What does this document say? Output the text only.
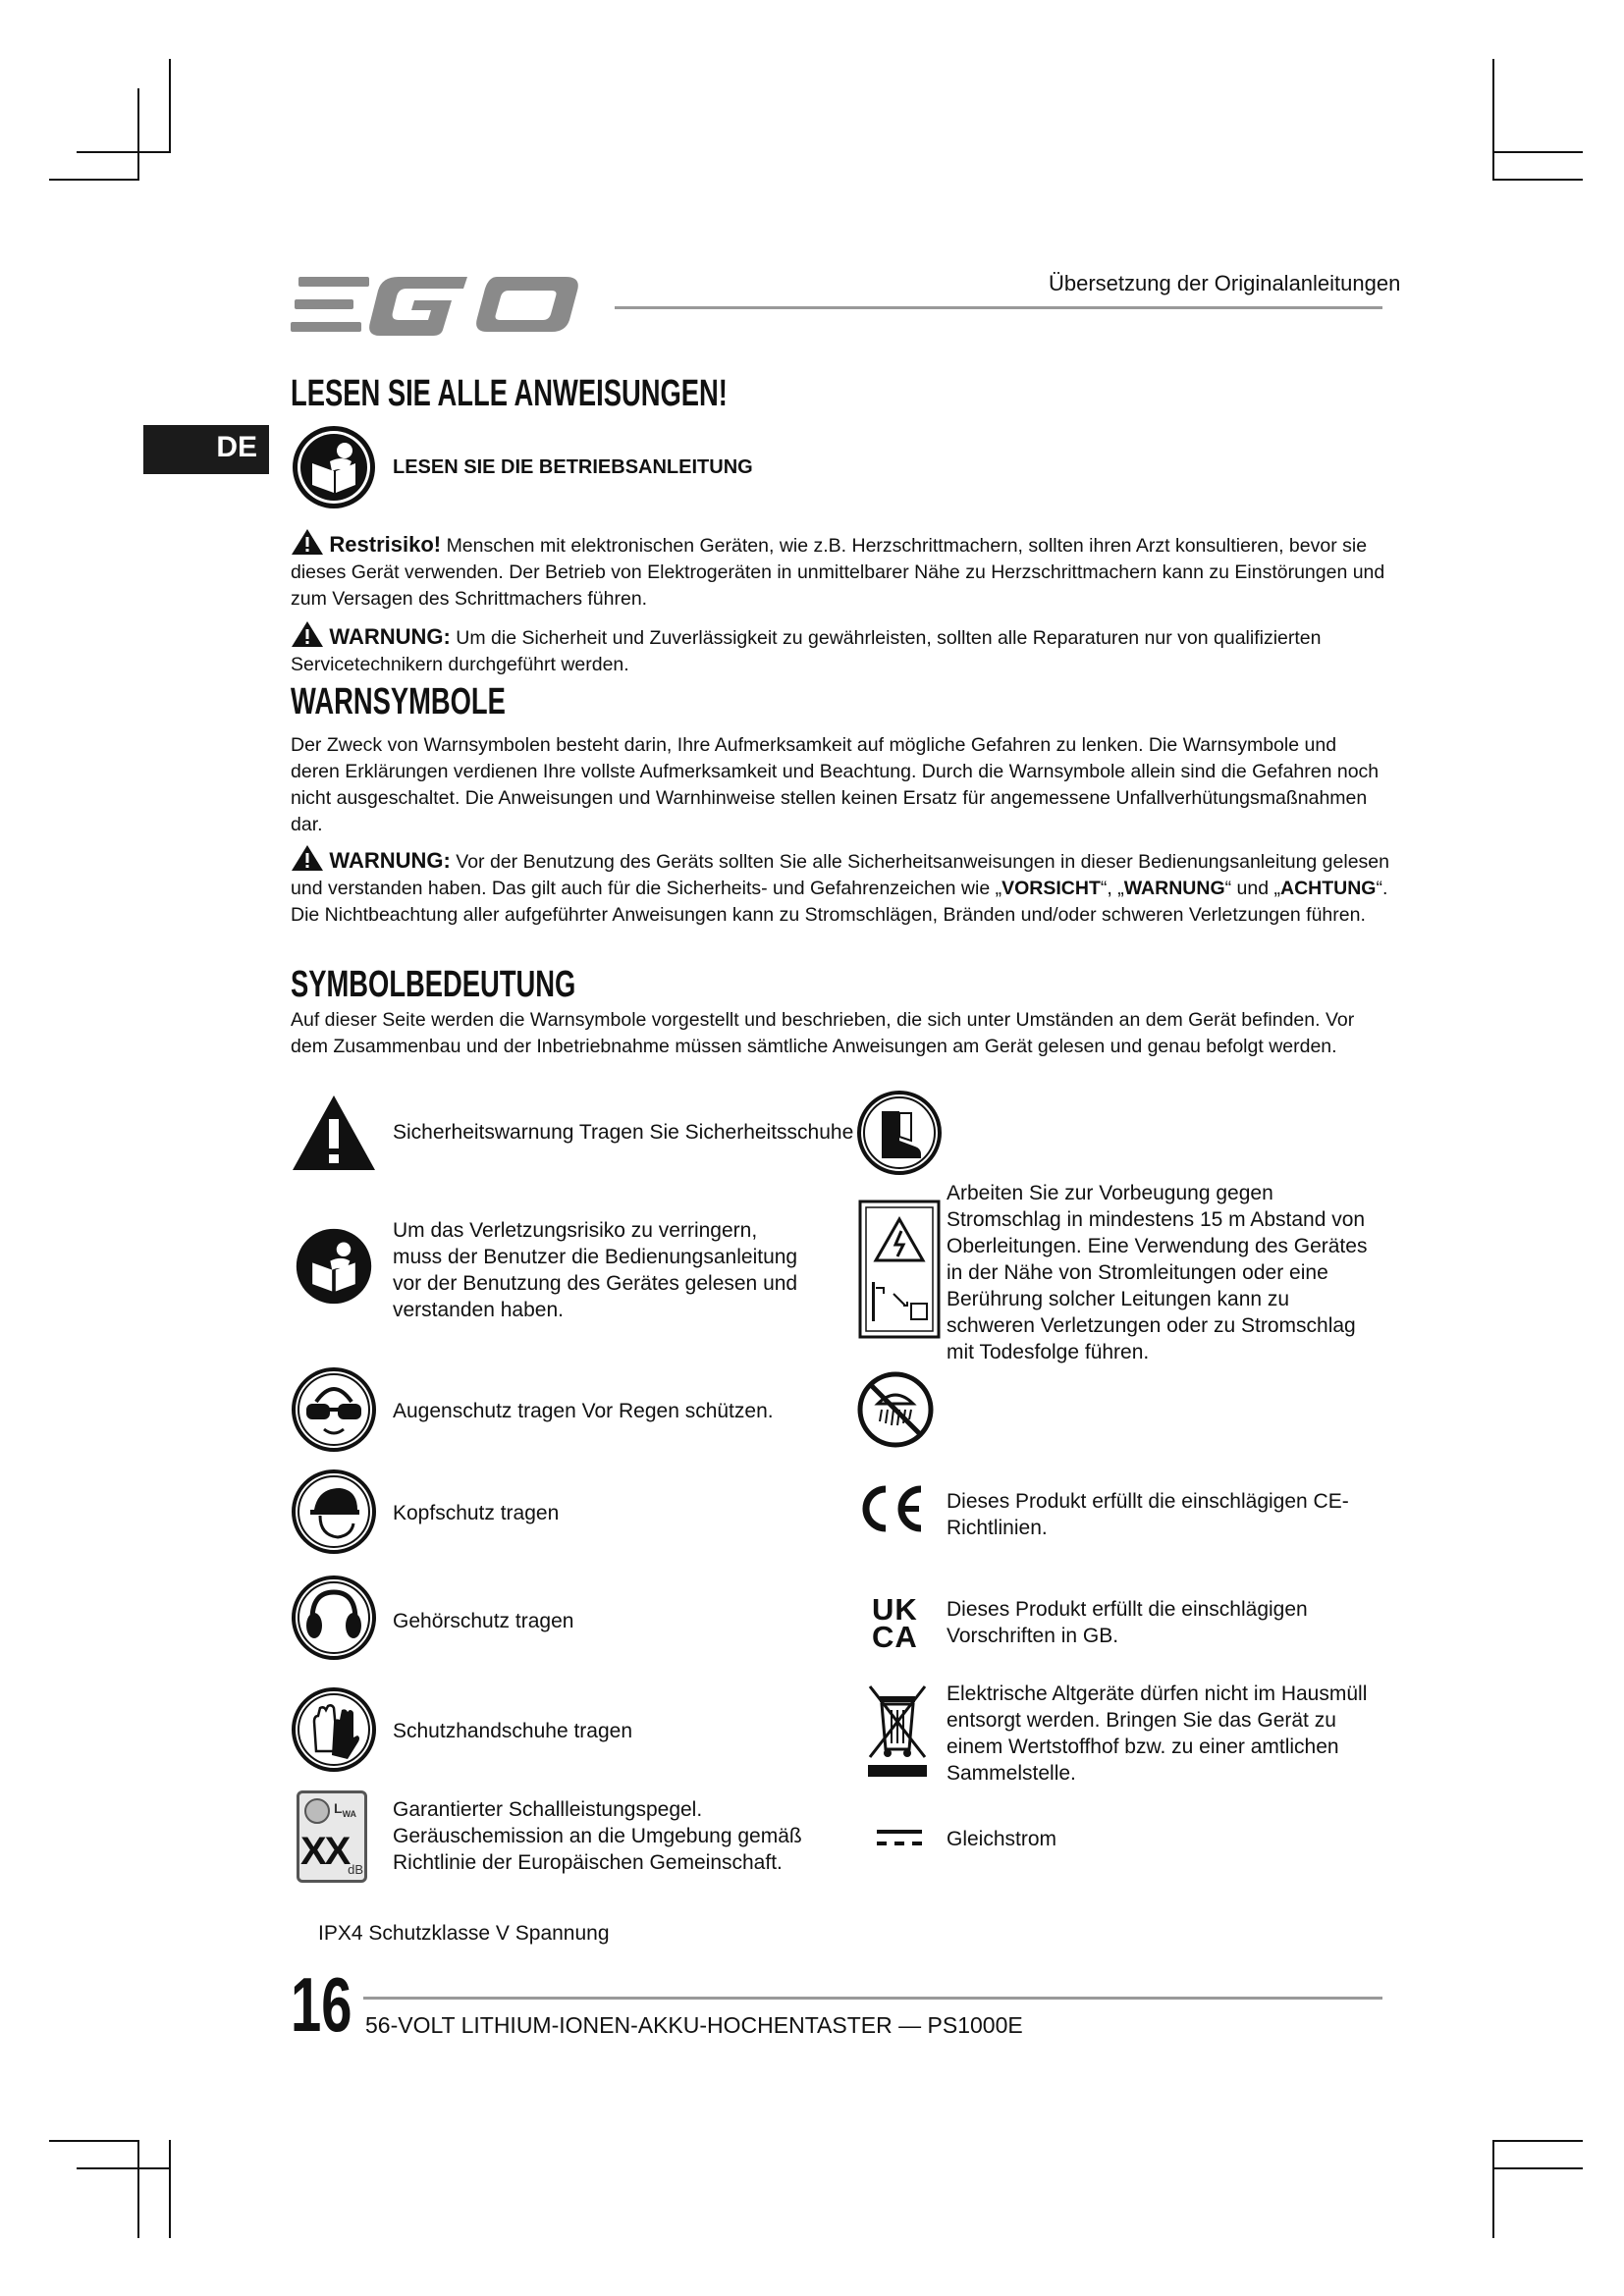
Übersetzung der Originalanleitungen
DE
LESEN SIE ALLE ANWEISUNGEN!
LESEN SIE DIE BETRIEBSANLEITUNG
Restrisiko! Menschen mit elektronischen Geräten, wie z.B. Herzschrittmachern, sollten ihren Arzt konsultieren, bevor sie dieses Gerät verwenden. Der Betrieb von Elektrogeräten in unmittelbarer Nähe zu Herzschrittmachern kann zu Einstörungen und zum Versagen des Schrittmachers führen.
WARNUNG: Um die Sicherheit und Zuverlässigkeit zu gewährleisten, sollten alle Reparaturen nur von qualifizierten Servicetechnikern durchgeführt werden.
WARNSYMBOLE
Der Zweck von Warnsymbolen besteht darin, Ihre Aufmerksamkeit auf mögliche Gefahren zu lenken. Die Warnsymbole und deren Erklärungen verdienen Ihre vollste Aufmerksamkeit und Beachtung. Durch die Warnsymbole allein sind die Gefahren noch nicht ausgeschaltet. Die Anweisungen und Warnhinweise stellen keinen Ersatz für angemessene Unfallverhütungsmaßnahmen dar.
WARNUNG: Vor der Benutzung des Geräts sollten Sie alle Sicherheitsanweisungen in dieser Bedienungsanleitung gelesen und verstanden haben. Das gilt auch für die Sicherheits- und Gefahrenzeichen wie „VORSICHT“, „WARNUNG“ und „ACHTUNG“. Die Nichtbeachtung aller aufgeführter Anweisungen kann zu Stromschlägen, Bränden und/oder schweren Verletzungen führen.
SYMBOLBEDEUTUNG
Auf dieser Seite werden die Warnsymbole vorgestellt und beschrieben, die sich unter Umständen an dem Gerät befinden. Vor dem Zusammenbau und der Inbetriebnahme müssen sämtliche Anweisungen am Gerät gelesen und genau befolgt werden.
Sicherheitswarnung Tragen Sie Sicherheitsschuhe
Um das Verletzungsrisiko zu verringern, muss der Benutzer die Bedienungsanleitung vor der Benutzung des Gerätes gelesen und verstanden haben.
Augenschutz tragen Vor Regen schützen.
Kopfschutz tragen
Gehörschutz tragen
Schutzhandschuhe tragen
$L_{WA}$
XX
dB
Garantierter Schallleistungspegel. Geräuschemission an die Umgebung gemäß Richtlinie der Europäischen Gemeinschaft.
Arbeiten Sie zur Vorbeugung gegen Stromschlag in mindestens 15 m Abstand von Oberleitungen. Eine Verwendung des Gerätes in der Nähe von Stromleitungen oder eine Berührung solcher Leitungen kann zu schweren Verletzungen oder zu Stromschlag mit Todesfolge führen.
Dieses Produkt erfüllt die einschlägigen CE-Richtlinien.
UK
CA
Dieses Produkt erfüllt die einschlägigen Vorschriften in GB.
Elektrische Altgeräte dürfen nicht im Hausmüll entsorgt werden. Bringen Sie das Gerät zu einem Wertstoffhof bzw. zu einer amtlichen Sammelstelle.
Gleichstrom
IPX4 Schutzklasse V Spannung
16 56-VOLT LITHIUM-IONEN-AKKU-HOCHENTASTER — PS1000E
